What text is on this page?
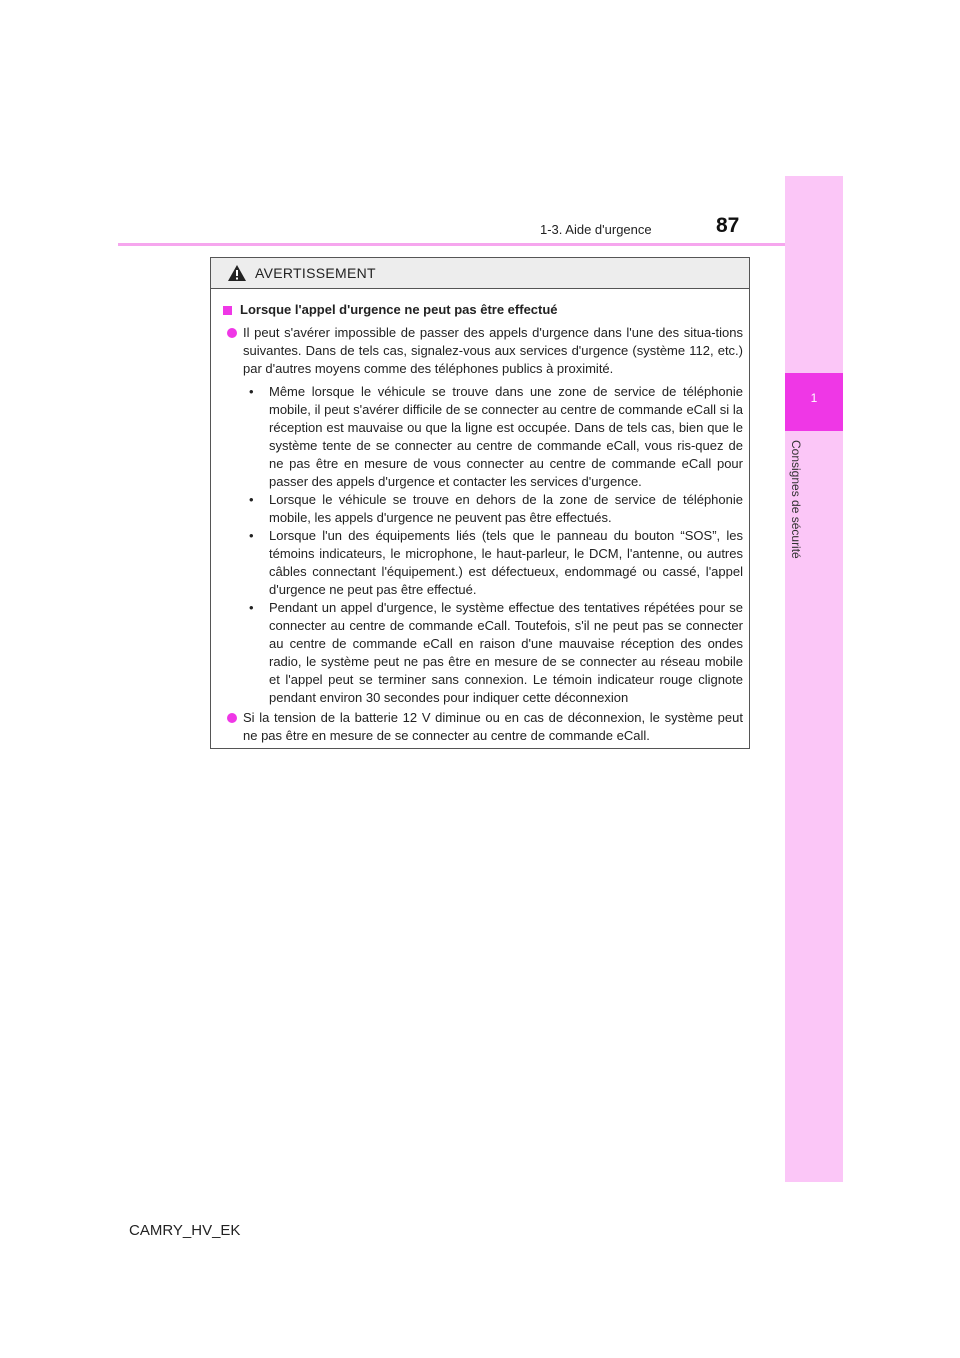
1
Consignes de sécurité
1-3. Aide d'urgence	87
AVERTISSEMENT
Lorsque l'appel d'urgence ne peut pas être effectué
Il peut s'avérer impossible de passer des appels d'urgence dans l'une des situa-tions suivantes. Dans de tels cas, signalez-vous aux services d'urgence (système 112, etc.) par d'autres moyens comme des téléphones publics à proximité.
• Même lorsque le véhicule se trouve dans une zone de service de téléphonie mobile, il peut s'avérer difficile de se connecter au centre de commande eCall si la réception est mauvaise ou que la ligne est occupée. Dans de tels cas, bien que le système tente de se connecter au centre de commande eCall, vous ris-quez de ne pas être en mesure de vous connecter au centre de commande eCall pour passer des appels d'urgence et contacter les services d'urgence.
• Lorsque le véhicule se trouve en dehors de la zone de service de téléphonie mobile, les appels d'urgence ne peuvent pas être effectués.
• Lorsque l'un des équipements liés (tels que le panneau du bouton “SOS”, les témoins indicateurs, le microphone, le haut-parleur, le DCM, l'antenne, ou autres câbles connectant l'équipement.) est défectueux, endommagé ou cassé, l'appel d'urgence ne peut pas être effectué.
• Pendant un appel d'urgence, le système effectue des tentatives répétées pour se connecter au centre de commande eCall. Toutefois, s'il ne peut pas se connecter au centre de commande eCall en raison d'une mauvaise réception des ondes radio, le système peut ne pas être en mesure de se connecter au réseau mobile et l'appel peut se terminer sans connexion. Le témoin indicateur rouge clignote pendant environ 30 secondes pour indiquer cette déconnexion
Si la tension de la batterie 12 V diminue ou en cas de déconnexion, le système peut ne pas être en mesure de se connecter au centre de commande eCall.
CAMRY_HV_EK
